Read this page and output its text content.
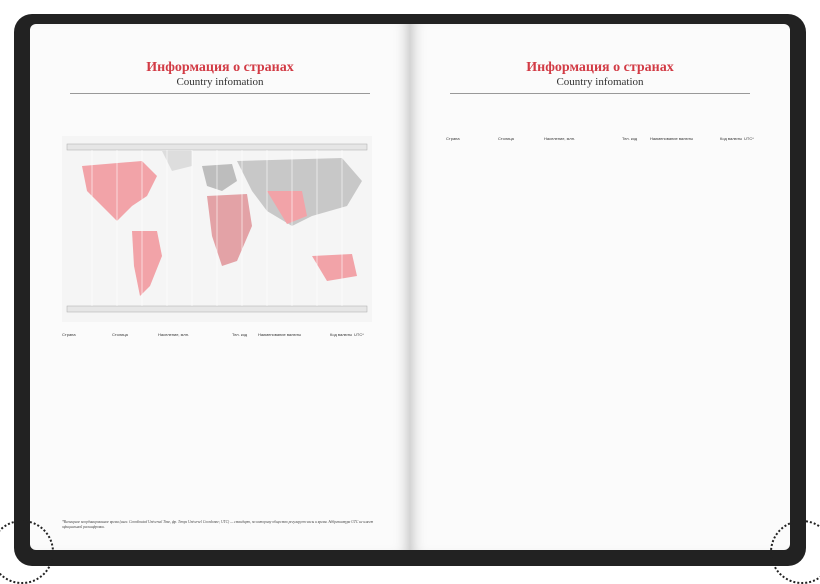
Информация о странах
Country infomation
Страна	Столица	Население, млн.	Тел. код	Наименование валюты	Код валюты UTC*
*Всемирное координированное время (англ. Coordinated Universal Time, фр. Temps Universel Coordonne; UTC) — стандарт, по которому общество регулирует часы и время. Аббревиатура UTC не имеет официальной расшифровки.
Информация о странах
Country infomation
Страна	Столица	Население, млн.	Тел. код	Наименование валюты	Код валюты UTC*
